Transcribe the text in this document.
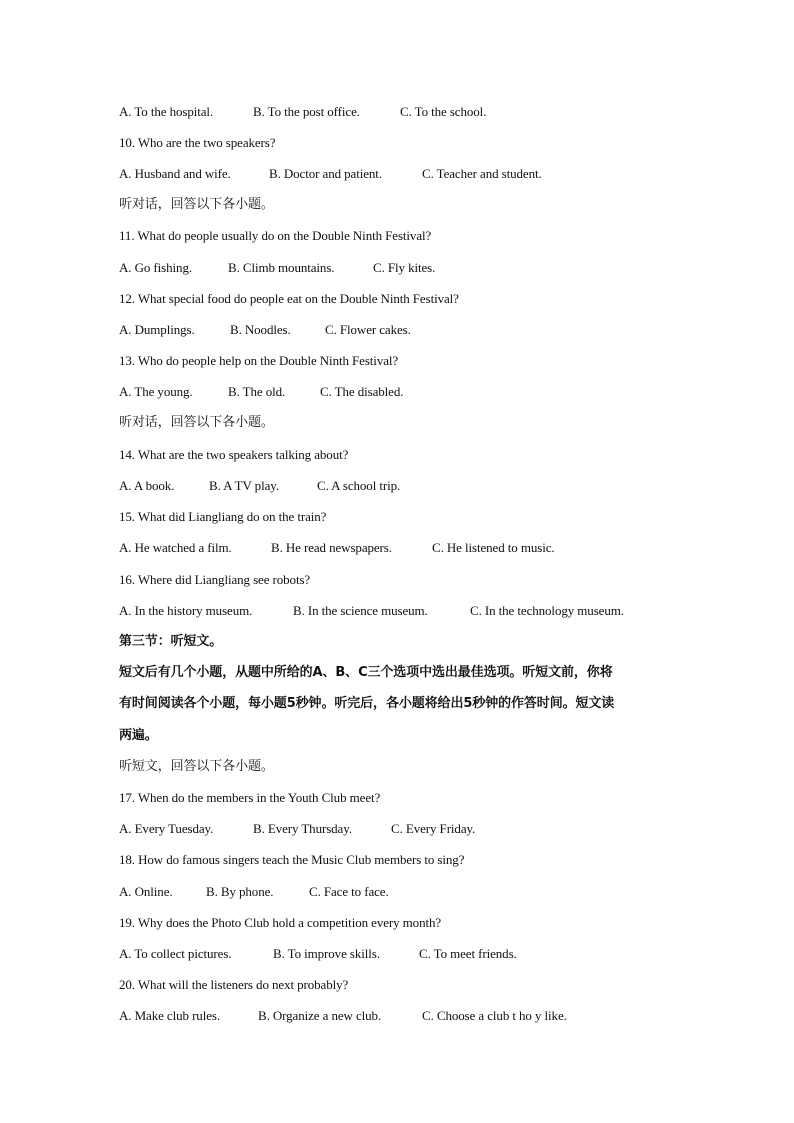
A. To the hospital.	B. To the post office.	C. To the school.
10. Who are the two speakers?
A. Husband and wife.	B. Doctor and patient.	C. Teacher and student.
听对话，回答以下各小题。
11. What do people usually do on the Double Ninth Festival?
A. Go fishing.	B. Climb mountains.	C. Fly kites.
12. What special food do people eat on the Double Ninth Festival?
A. Dumplings.	B. Noodles.	C. Flower cakes.
13. Who do people help on the Double Ninth Festival?
A. The young.	B. The old.	C. The disabled.
听对话，回答以下各小题。
14. What are the two speakers talking about?
A. A book.	B. A TV play.	C. A school trip.
15. What did Liangliang do on the train?
A. He watched a film.	B. He read newspapers.	C. He listened to music.
16. Where did Liangliang see robots?
A. In the history museum.	B. In the science museum.	C. In the technology museum.
第三节：听短文。
短文后有几个小题，从题中所给的A、B、C三个选项中选出最佳选项。听短文前，你将
有时间阅读各个小题，每小题5秒钟。听完后，各小题将给出5秒钟的作答时间。短文读
两遍。
听短文，回答以下各小题。
17. When do the members in the Youth Club meet?
A. Every Tuesday.	B. Every Thursday.	C. Every Friday.
18. How do famous singers teach the Music Club members to sing?
A. Online.	B. By phone.	C. Face to face.
19. Why does the Photo Club hold a competition every month?
A. To collect pictures.	B. To improve skills.	C. To meet friends.
20. What will the listeners do next probably?
A. Make club rules.	B. Organize a new club.	C. Choose a club t ho y like.
